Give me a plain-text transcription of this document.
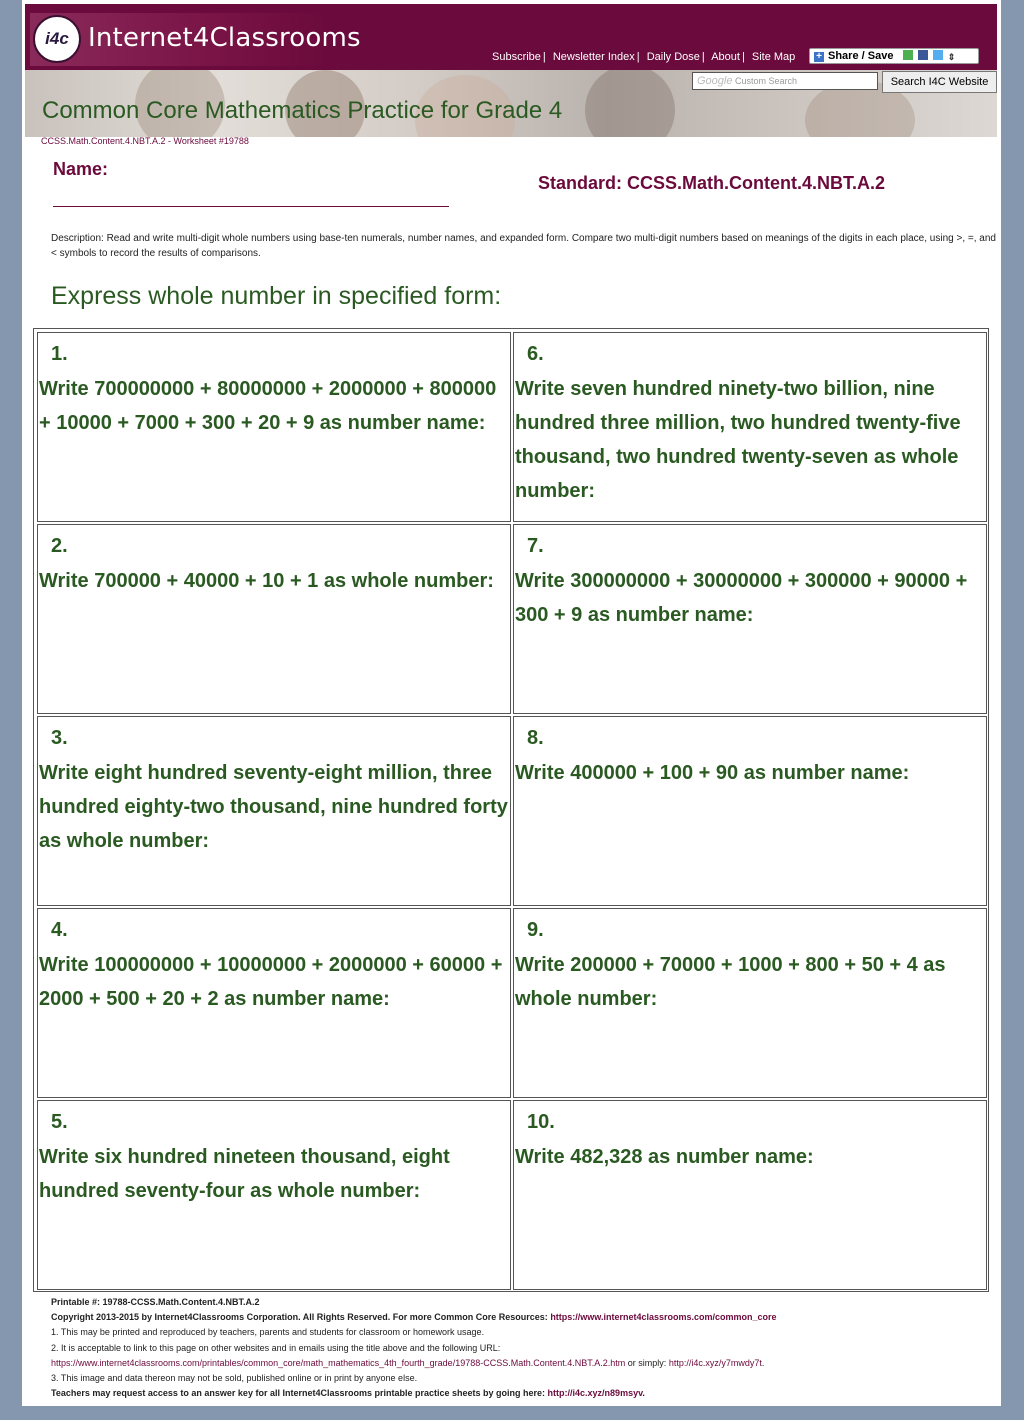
i4c Internet4Classrooms
Subscribe | Newsletter Index | Daily Dose | About | Site Map	+ Share / Save	⇕
Google Custom Search	Search I4C Website
Common Core Mathematics Practice for Grade 4
CCSS.Math.Content.4.NBT.A.2 - Worksheet #19788
Name:
Standard: CCSS.Math.Content.4.NBT.A.2
Description: Read and write multi-digit whole numbers using base-ten numerals, number names, and expanded form. Compare two multi-digit numbers based on meanings of the digits in each place, using >, =, and < symbols to record the results of comparisons.
Express whole number in specified form:
1.
Write 700000000 + 80000000 + 2000000 + 800000 + 10000 + 7000 + 300 + 20 + 9 as number name:
2.
Write 700000 + 40000 + 10 + 1 as whole number:
3.
Write eight hundred seventy-eight million, three hundred eighty-two thousand, nine hundred forty as whole number:
4.
Write 100000000 + 10000000 + 2000000 + 60000 + 2000 + 500 + 20 + 2 as number name:
5.
Write six hundred nineteen thousand, eight hundred seventy-four as whole number:
6.
Write seven hundred ninety-two billion, nine hundred three million, two hundred twenty-five thousand, two hundred twenty-seven as whole number:
7.
Write 300000000 + 30000000 + 300000 + 90000 + 300 + 9 as number name:
8.
Write 400000 + 100 + 90 as number name:
9.
Write 200000 + 70000 + 1000 + 800 + 50 + 4 as whole number:
10.
Write 482,328 as number name:
Printable #: 19788-CCSS.Math.Content.4.NBT.A.2
Copyright 2013-2015 by Internet4Classrooms Corporation. All Rights Reserved. For more Common Core Resources: https://www.internet4classrooms.com/common_core
1. This may be printed and reproduced by teachers, parents and students for classroom or homework usage.
2. It is acceptable to link to this page on other websites and in emails using the title above and the following URL:
https://www.internet4classrooms.com/printables/common_core/math_mathematics_4th_fourth_grade/19788-CCSS.Math.Content.4.NBT.A.2.htm or simply: http://i4c.xyz/y7mwdy7t.
3. This image and data thereon may not be sold, published online or in print by anyone else.
Teachers may request access to an answer key for all Internet4Classrooms printable practice sheets by going here: http://i4c.xyz/n89msyv.
